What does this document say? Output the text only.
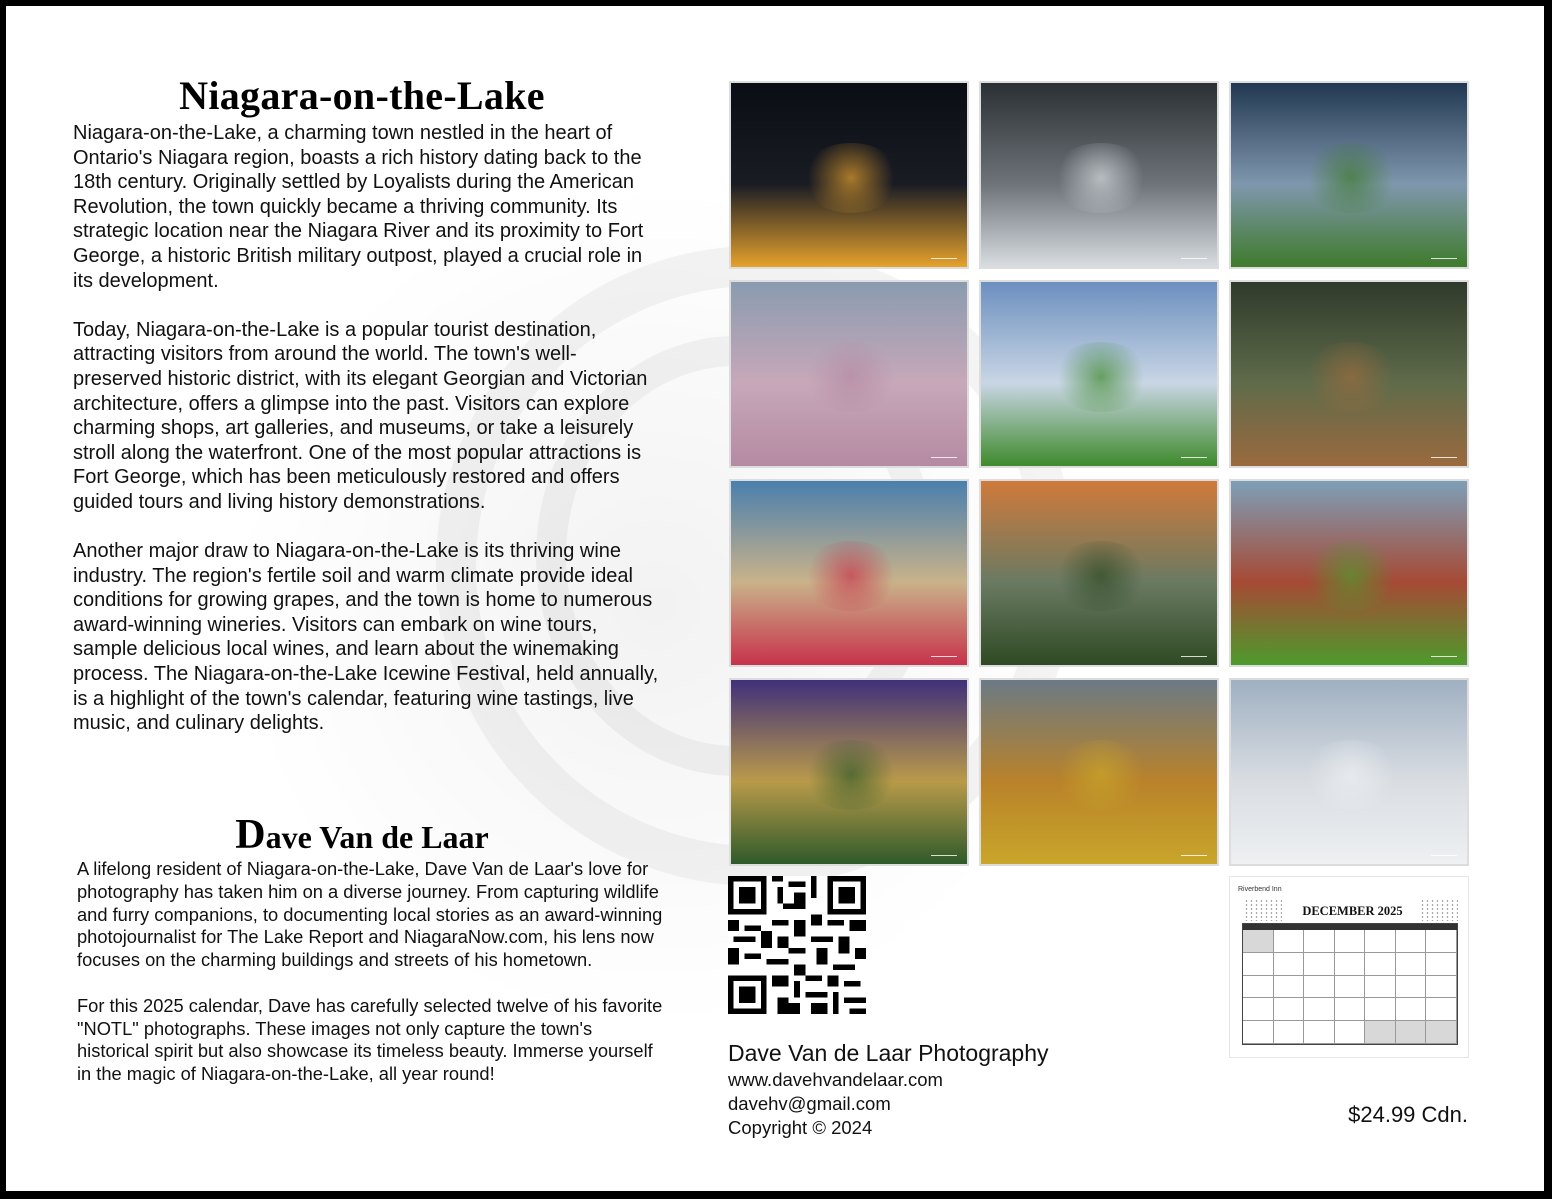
Niagara-on-the-Lake

Niagara-on-the-Lake, a charming town nestled in the heart of Ontario's Niagara region, boasts a rich history dating back to the 18th century. Originally settled by Loyalists during the American Revolution, the town quickly became a thriving community. Its strategic location near the Niagara River and its proximity to Fort George, a historic British military outpost, played a crucial role in its development.

Today, Niagara-on-the-Lake is a popular tourist destination, attracting visitors from around the world. The town's well-preserved historic district, with its elegant Georgian and Victorian architecture, offers a glimpse into the past. Visitors can explore charming shops, art galleries, and museums, or take a leisurely stroll along the waterfront. One of the most popular attractions is Fort George, which has been meticulously restored and offers guided tours and living history demonstrations.

Another major draw to Niagara-on-the-Lake is its thriving wine industry. The region's fertile soil and warm climate provide ideal conditions for growing grapes, and the town is home to numerous award-winning wineries. Visitors can embark on wine tours, sample delicious local wines, and learn about the winemaking process. The Niagara-on-the-Lake Icewine Festival, held annually, is a highlight of the town's calendar, featuring wine tastings, live music, and culinary delights.

Dave Van de Laar

A lifelong resident of Niagara-on-the-Lake, Dave Van de Laar's love for photography has taken him on a diverse journey. From capturing wildlife and furry companions, to documenting local stories as an award-winning photojournalist for The Lake Report and NiagaraNow.com, his lens now focuses on the charming buildings and streets of his hometown.

For this 2025 calendar, Dave has carefully selected twelve of his favorite "NOTL" photographs. These images not only capture the town's historical spirit but also showcase its timeless beauty. Immerse yourself in the magic of Niagara-on-the-Lake, all year round!

Dave Van de Laar Photography
www.davehvandelaar.com
davehv@gmail.com
Copyright © 2024
Riverbend Inn
DECEMBER 2025
$24.99 Cdn.
